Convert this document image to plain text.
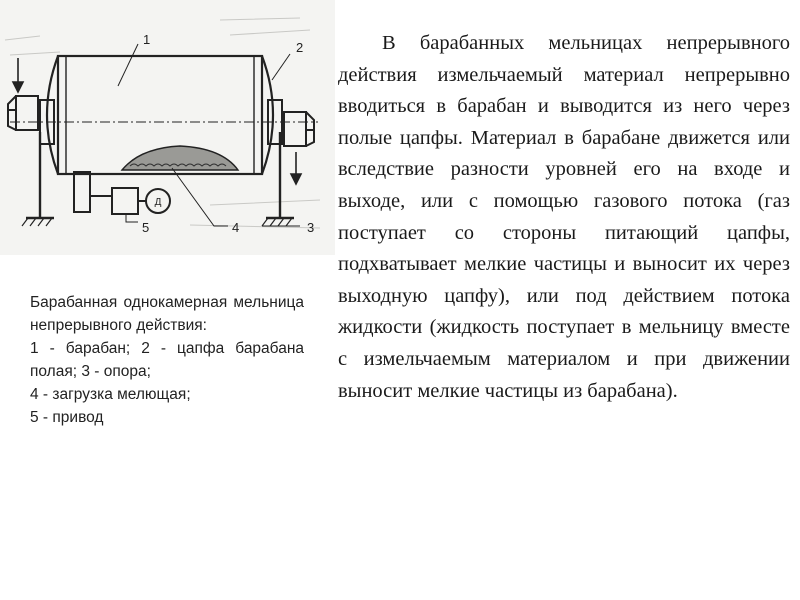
Д
1
2
3
4
5

Барабанная однокамерная мельница непрерывного действия:

1 - барабан; 2 - цапфа барабана полая; 3 - опора;

4 - загрузка мелющая;

5 - привод

В барабанных мельницах непрерывного действия измельчаемый материал непрерывно вводиться в барабан и выводится из него через полые цапфы. Материал в барабане движется или вследствие разности уровней его на входе и выходе, или с помощью газового потока (газ поступает со стороны питающий цапфы, подхватывает мелкие частицы и выносит их через выходную цапфу), или под действием потока жидкости (жидкость поступает в мельницу вместе с измельчаемым материалом и при движении выносит мелкие частицы из барабана).
